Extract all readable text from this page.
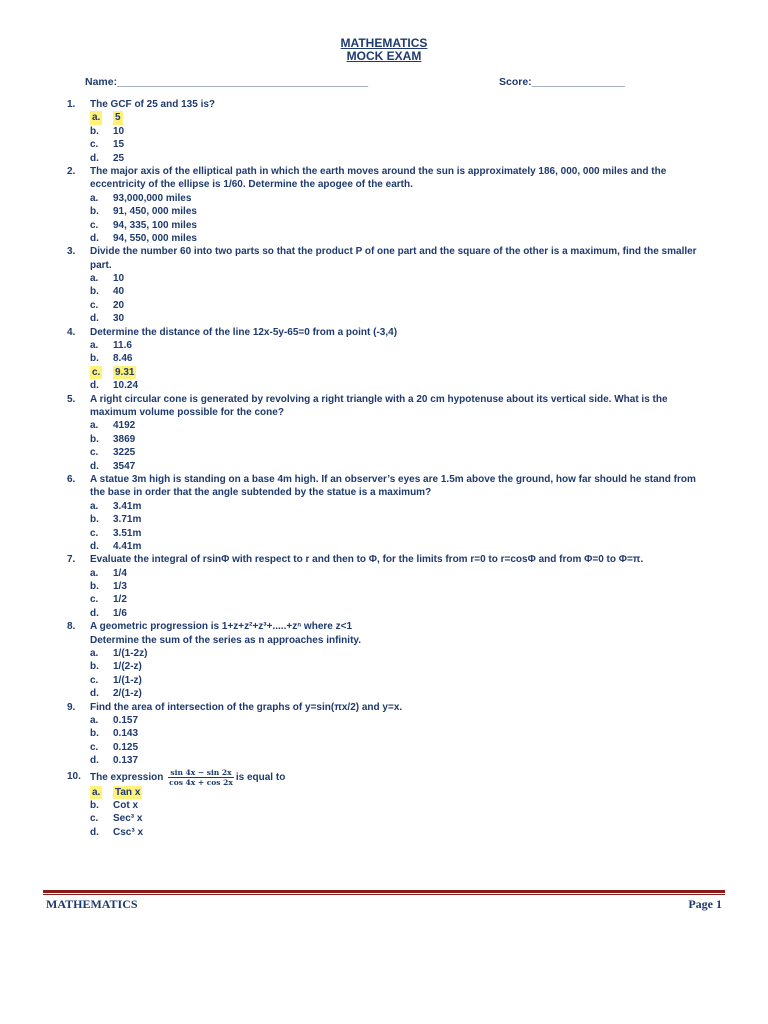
MATHEMATICS
MOCK EXAM
Name:___________________________________________	Score:________________
1. The GCF of 25 and 135 is?
a. 5
b. 10
c. 15
d. 25
2. The major axis of the elliptical path in which the earth moves around the sun is approximately 186, 000, 000 miles and the
eccentricity of the ellipse is 1/60. Determine the apogee of the earth.
a. 93,000,000 miles
b. 91, 450, 000 miles
c. 94, 335, 100 miles
d. 94, 550, 000 miles
3. Divide the number 60 into two parts so that the product P of one part and the square of the other is a maximum, find the smaller
part.
a. 10
b. 40
c. 20
d. 30
4. Determine the distance of the line 12x-5y-65=0 from a point (-3,4)
a. 11.6
b. 8.46
c. 9.31
d. 10.24
5. A right circular cone is generated by revolving a right triangle with a 20 cm hypotenuse about its vertical side. What is the
maximum volume possible for the cone?
a. 4192
b. 3869
c. 3225
d. 3547
6. A statue 3m high is standing on a base 4m high. If an observer’s eyes are 1.5m above the ground, how far should he stand from
the base in order that the angle subtended by the statue is a maximum?
a. 3.41m
b. 3.71m
c. 3.51m
d. 4.41m
7. Evaluate the integral of rsinΦ with respect to r and then to Φ, for the limits from r=0 to r=cosΦ and from Φ=0 to Φ=π.
a. 1/4
b. 1/3
c. 1/2
d. 1/6
8. A geometric progression is 1+z+z²+z³+.....+zⁿ where z<1
Determine the sum of the series as n approaches infinity.
a. 1/(1-2z)
b. 1/(2-z)
c. 1/(1-z)
d. 2/(1-z)
9. Find the area of intersection of the graphs of y=sin(πx/2) and y=x.
a. 0.157
b. 0.143
c. 0.125
d. 0.137
10. The expression $\frac{\sin 4x - \sin 2x}{\cos 4x + \cos 2x}$ is equal to
a. Tan x
b. Cot x
c. Sec³ x
d. Csc³ x
MATHEMATICS	Page 1
